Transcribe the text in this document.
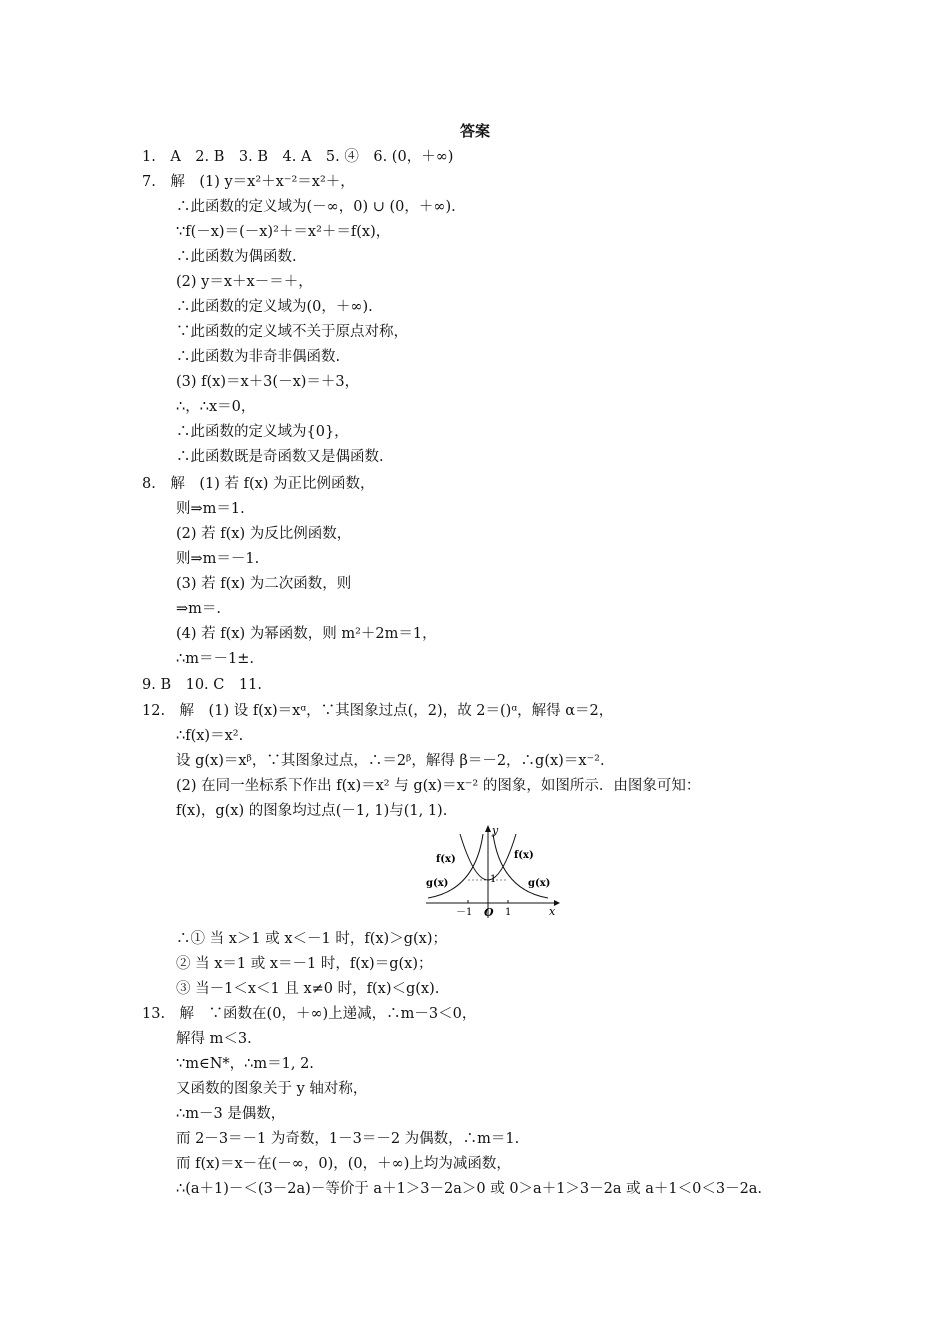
答案
1.　A　2. B　3. B　4. A　5. ④　6. (0，＋∞)
7.　解　(1) y＝x²＋x⁻²＝x²＋，
∴此函数的定义域为(－∞，0) ∪ (0，＋∞).
∵f(－x)＝(－x)²＋＝x²＋＝f(x)，
∴此函数为偶函数.
(2) y＝x＋x－＝＋，
∴此函数的定义域为(0，＋∞).
∵此函数的定义域不关于原点对称，
∴此函数为非奇非偶函数.
(3) f(x)＝x＋3(－x)＝＋3，
∴，∴x＝0，
∴此函数的定义域为{0}，
∴此函数既是奇函数又是偶函数.
8.　解　(1) 若 f(x) 为正比例函数，
则⇒m＝1.
(2) 若 f(x) 为反比例函数，
则⇒m＝－1.
(3) 若 f(x) 为二次函数，则
⇒m＝.
(4) 若 f(x) 为幂函数，则 m²＋2m＝1，
∴m＝－1±.
9. B　10. C　11.
12.　解　(1) 设 f(x)＝xᵅ，∵其图象过点(，2)，故 2＝()ᵅ，解得 α＝2，
∴f(x)＝x².
设 g(x)＝xᵝ，∵其图象过点，∴＝2ᵝ，解得 β＝－2，∴g(x)＝x⁻².
(2) 在同一坐标系下作出 f(x)＝x² 与 g(x)＝x⁻² 的图象，如图所示．由图象可知：
f(x)，g(x) 的图象均过点(－1, 1)与(1, 1).
y
x
O
－1	1
1
f(x)
g(x)
f(x)
g(x)
∴① 当 x＞1 或 x＜－1 时，f(x)＞g(x)；
② 当 x＝1 或 x＝－1 时，f(x)＝g(x)；
③ 当－1＜x＜1 且 x≠0 时，f(x)＜g(x).
13.　解　∵函数在(0，＋∞)上递减，∴m－3＜0，
解得 m＜3.
∵m∈N*，∴m＝1, 2.
又函数的图象关于 y 轴对称，
∴m－3 是偶数，
而 2－3＝－1 为奇数，1－3＝－2 为偶数，∴m＝1.
而 f(x)＝x－在(－∞，0)，(0，＋∞)上均为减函数，
∴(a＋1)－＜(3－2a)－等价于 a＋1＞3－2a＞0 或 0＞a＋1＞3－2a 或 a＋1＜0＜3－2a.
